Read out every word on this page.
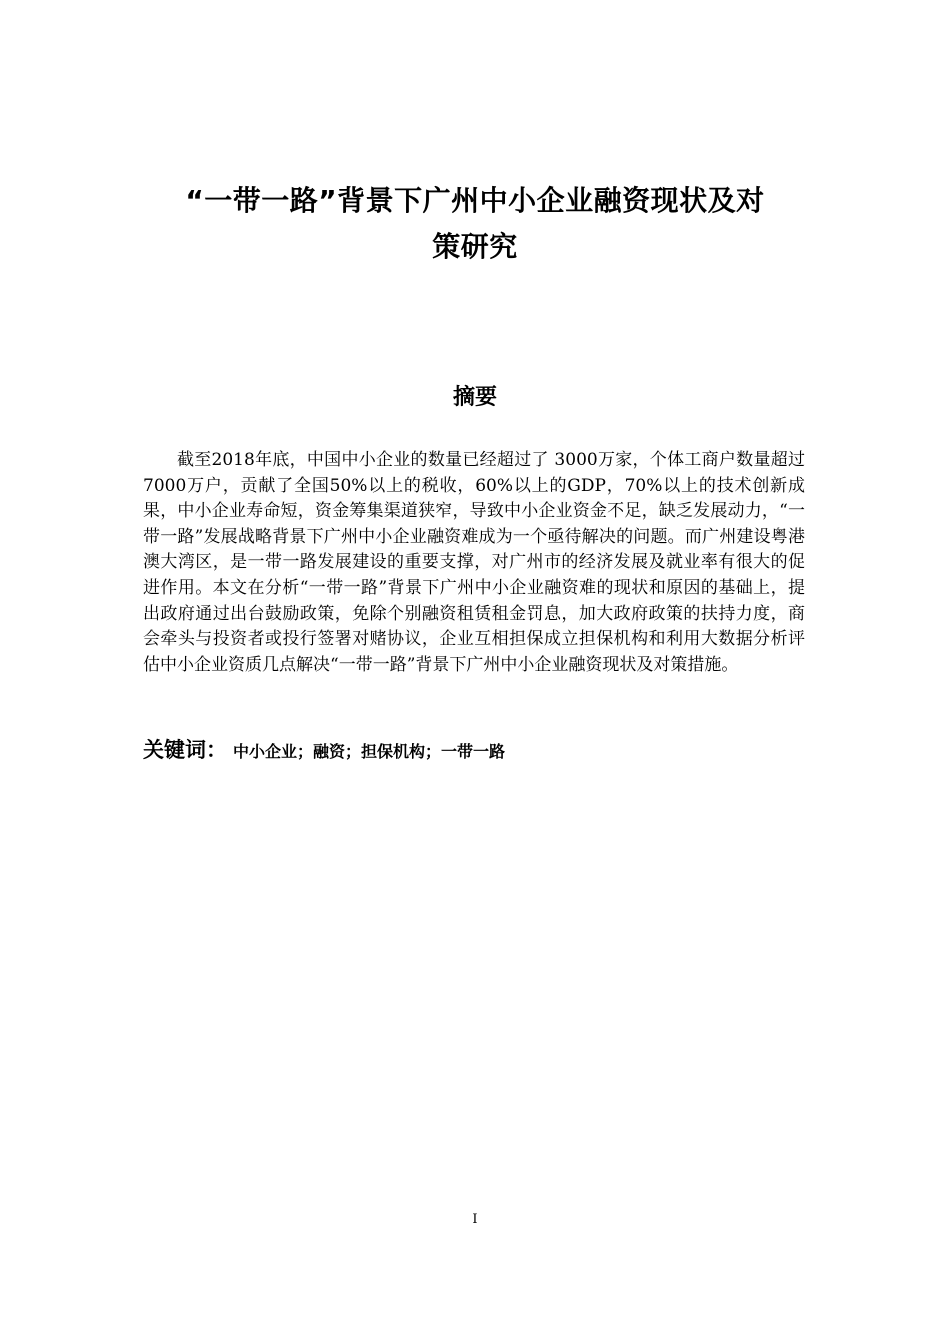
“一带一路”背景下广州中小企业融资现状及对
策研究
摘要

截至2018年底，中国中小企业的数量已经超过了 3000万家，个体工商户数量超过7000万户，贡献了全国50%以上的税收，60%以上的GDP，70%以上的技术创新成果，中小企业寿命短，资金筹集渠道狭窄，导致中小企业资金不足，缺乏发展动力，“一带一路”发展战略背景下广州中小企业融资难成为一个亟待解决的问题。而广州建设粤港澳大湾区，是一带一路发展建设的重要支撑，对广州市的经济发展及就业率有很大的促进作用。本文在分析“一带一路”背景下广州中小企业融资难的现状和原因的基础上，提出政府通过出台鼓励政策，免除个别融资租赁租金罚息，加大政府政策的扶持力度，商会牵头与投资者或投行签署对赌协议，企业互相担保成立担保机构和利用大数据分析评估中小企业资质几点解决“一带一路”背景下广州中小企业融资现状及对策措施。

关键词： 中小企业；融资；担保机构；一带一路

I
